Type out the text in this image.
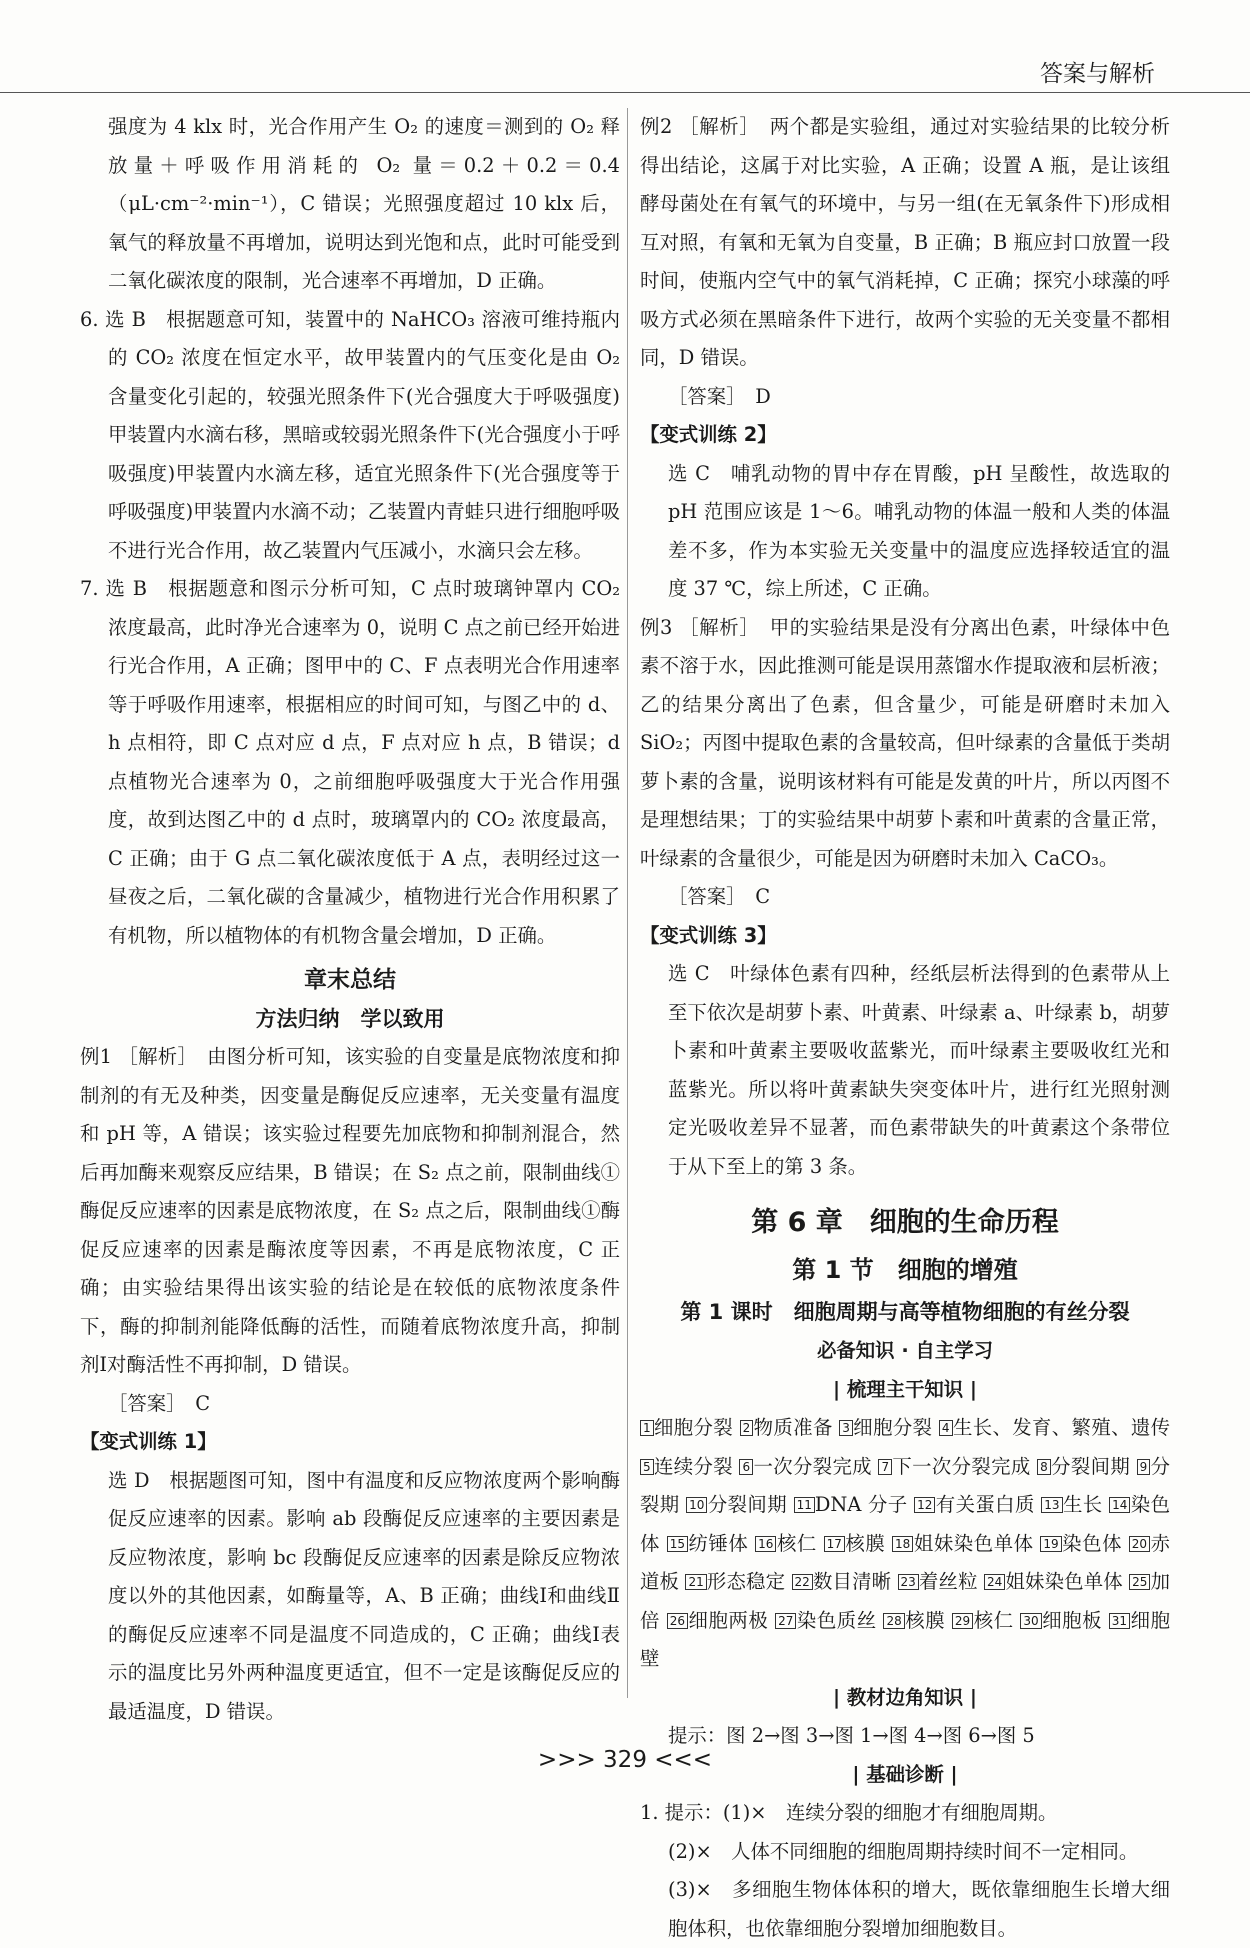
答案与解析

强度为 4 klx 时，光合作用产生 O₂ 的速度＝测到的 O₂ 释放量＋呼吸作用消耗的 O₂ 量＝0.2＋0.2＝0.4（μL·cm⁻²·min⁻¹），C 错误；光照强度超过 10 klx 后，氧气的释放量不再增加，说明达到光饱和点，此时可能受到二氧化碳浓度的限制，光合速率不再增加，D 正确。

6. 选 B　根据题意可知，装置中的 NaHCO₃ 溶液可维持瓶内的 CO₂ 浓度在恒定水平，故甲装置内的气压变化是由 O₂ 含量变化引起的，较强光照条件下(光合强度大于呼吸强度)甲装置内水滴右移，黑暗或较弱光照条件下(光合强度小于呼吸强度)甲装置内水滴左移，适宜光照条件下(光合强度等于呼吸强度)甲装置内水滴不动；乙装置内青蛙只进行细胞呼吸不进行光合作用，故乙装置内气压减小，水滴只会左移。

7. 选 B　根据题意和图示分析可知，C 点时玻璃钟罩内 CO₂ 浓度最高，此时净光合速率为 0，说明 C 点之前已经开始进行光合作用，A 正确；图甲中的 C、F 点表明光合作用速率等于呼吸作用速率，根据相应的时间可知，与图乙中的 d、h 点相符，即 C 点对应 d 点，F 点对应 h 点，B 错误；d 点植物光合速率为 0，之前细胞呼吸强度大于光合作用强度，故到达图乙中的 d 点时，玻璃罩内的 CO₂ 浓度最高，C 正确；由于 G 点二氧化碳浓度低于 A 点，表明经过这一昼夜之后，二氧化碳的含量减少，植物进行光合作用积累了有机物，所以植物体的有机物含量会增加，D 正确。

章末总结

方法归纳　学以致用

例1 ［解析］　由图分析可知，该实验的自变量是底物浓度和抑制剂的有无及种类，因变量是酶促反应速率，无关变量有温度和 pH 等，A 错误；该实验过程要先加底物和抑制剂混合，然后再加酶来观察反应结果，B 错误；在 S₂ 点之前，限制曲线①酶促反应速率的因素是底物浓度，在 S₂ 点之后，限制曲线①酶促反应速率的因素是酶浓度等因素，不再是底物浓度，C 正确；由实验结果得出该实验的结论是在较低的底物浓度条件下，酶的抑制剂能降低酶的活性，而随着底物浓度升高，抑制剂Ⅰ对酶活性不再抑制，D 错误。

［答案］　C

【变式训练 1】

选 D　根据题图可知，图中有温度和反应物浓度两个影响酶促反应速率的因素。影响 ab 段酶促反应速率的主要因素是反应物浓度，影响 bc 段酶促反应速率的因素是除反应物浓度以外的其他因素，如酶量等，A、B 正确；曲线Ⅰ和曲线Ⅱ的酶促反应速率不同是温度不同造成的，C 正确；曲线Ⅰ表示的温度比另外两种温度更适宜，但不一定是该酶促反应的最适温度，D 错误。

例2 ［解析］　两个都是实验组，通过对实验结果的比较分析得出结论，这属于对比实验，A 正确；设置 A 瓶，是让该组酵母菌处在有氧气的环境中，与另一组(在无氧条件下)形成相互对照，有氧和无氧为自变量，B 正确；B 瓶应封口放置一段时间，使瓶内空气中的氧气消耗掉，C 正确；探究小球藻的呼吸方式必须在黑暗条件下进行，故两个实验的无关变量不都相同，D 错误。

［答案］　D

【变式训练 2】

选 C　哺乳动物的胃中存在胃酸，pH 呈酸性，故选取的 pH 范围应该是 1～6。哺乳动物的体温一般和人类的体温差不多，作为本实验无关变量中的温度应选择较适宜的温度 37 ℃，综上所述，C 正确。

例3 ［解析］　甲的实验结果是没有分离出色素，叶绿体中色素不溶于水，因此推测可能是误用蒸馏水作提取液和层析液；乙的结果分离出了色素，但含量少，可能是研磨时未加入 SiO₂；丙图中提取色素的含量较高，但叶绿素的含量低于类胡萝卜素的含量，说明该材料有可能是发黄的叶片，所以丙图不是理想结果；丁的实验结果中胡萝卜素和叶黄素的含量正常，叶绿素的含量很少，可能是因为研磨时未加入 CaCO₃。

［答案］　C

【变式训练 3】

选 C　叶绿体色素有四种，经纸层析法得到的色素带从上至下依次是胡萝卜素、叶黄素、叶绿素 a、叶绿素 b，胡萝卜素和叶黄素主要吸收蓝紫光，而叶绿素主要吸收红光和蓝紫光。所以将叶黄素缺失突变体叶片，进行红光照射测定光吸收差异不显著，而色素带缺失的叶黄素这个条带位于从下至上的第 3 条。

第 6 章　细胞的生命历程

第 1 节　细胞的增殖

第 1 课时　细胞周期与高等植物细胞的有丝分裂

必备知识 · 自主学习

| 梳理主干知识 |

1 细胞分裂 2 物质准备 3 细胞分裂 4 生长、发育、繁殖、遗传 5 连续分裂 6 一次分裂完成 7 下一次分裂完成 8 分裂间期 9 分裂期 10 分裂间期 11 DNA 分子 12 有关蛋白质 13 生长 14 染色体 15 纺锤体 16 核仁 17 核膜 18 姐妹染色单体 19 染色体 20 赤道板 21 形态稳定 22 数目清晰 23 着丝粒 24 姐妹染色单体 25 加倍 26 细胞两极 27 染色质丝 28 核膜 29 核仁 30 细胞板 31 细胞壁

| 教材边角知识 |

提示：图 2→图 3→图 1→图 4→图 6→图 5

| 基础诊断 |

1. 提示：(1)×　连续分裂的细胞才有细胞周期。

(2)×　人体不同细胞的细胞周期持续时间不一定相同。

(3)×　多细胞生物体体积的增大，既依靠细胞生长增大细胞体积，也依靠细胞分裂增加细胞数目。

>>> 329 <<<
